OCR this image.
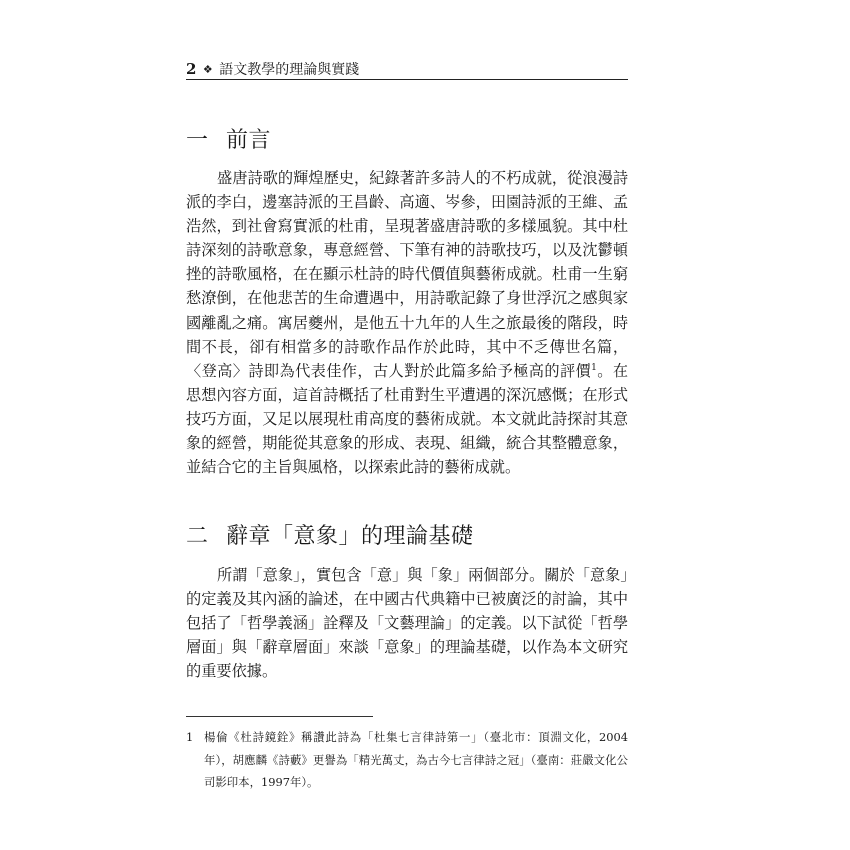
2 ❖ 語文教學的理論與實踐
一 前言
盛唐詩歌的輝煌歷史，紀錄著許多詩人的不朽成就，從浪漫詩派的李白，邊塞詩派的王昌齡、高適、岑參，田園詩派的王維、孟浩然，到社會寫實派的杜甫，呈現著盛唐詩歌的多樣風貌。其中杜詩深刻的詩歌意象，專意經營、下筆有神的詩歌技巧，以及沈鬱頓挫的詩歌風格，在在顯示杜詩的時代價值與藝術成就。杜甫一生窮愁潦倒，在他悲苦的生命遭遇中，用詩歌記錄了身世浮沉之感與家國離亂之痛。寓居夔州，是他五十九年的人生之旅最後的階段，時間不長，卻有相當多的詩歌作品作於此時，其中不乏傳世名篇，〈登高〉詩即為代表佳作，古人對於此篇多給予極高的評價$^1$。在思想內容方面，這首詩概括了杜甫對生平遭遇的深沉感慨；在形式技巧方面，又足以展現杜甫高度的藝術成就。本文就此詩探討其意象的經營，期能從其意象的形成、表現、組織，統合其整體意象，並結合它的主旨與風格，以探索此詩的藝術成就。
二 辭章「意象」的理論基礎
所謂「意象」，實包含「意」與「象」兩個部分。關於「意象」的定義及其內涵的論述，在中國古代典籍中已被廣泛的討論，其中包括了「哲學義涵」詮釋及「文藝理論」的定義。以下試從「哲學層面」與「辭章層面」來談「意象」的理論基礎，以作為本文研究的重要依據。
1 楊倫《杜詩鏡銓》稱讚此詩為「杜集七言律詩第一」（臺北市：頂淵文化，2004年），胡應麟《詩藪》更譽為「精光萬丈，為古今七言律詩之冠」（臺南：莊嚴文化公司影印本，1997年）。
